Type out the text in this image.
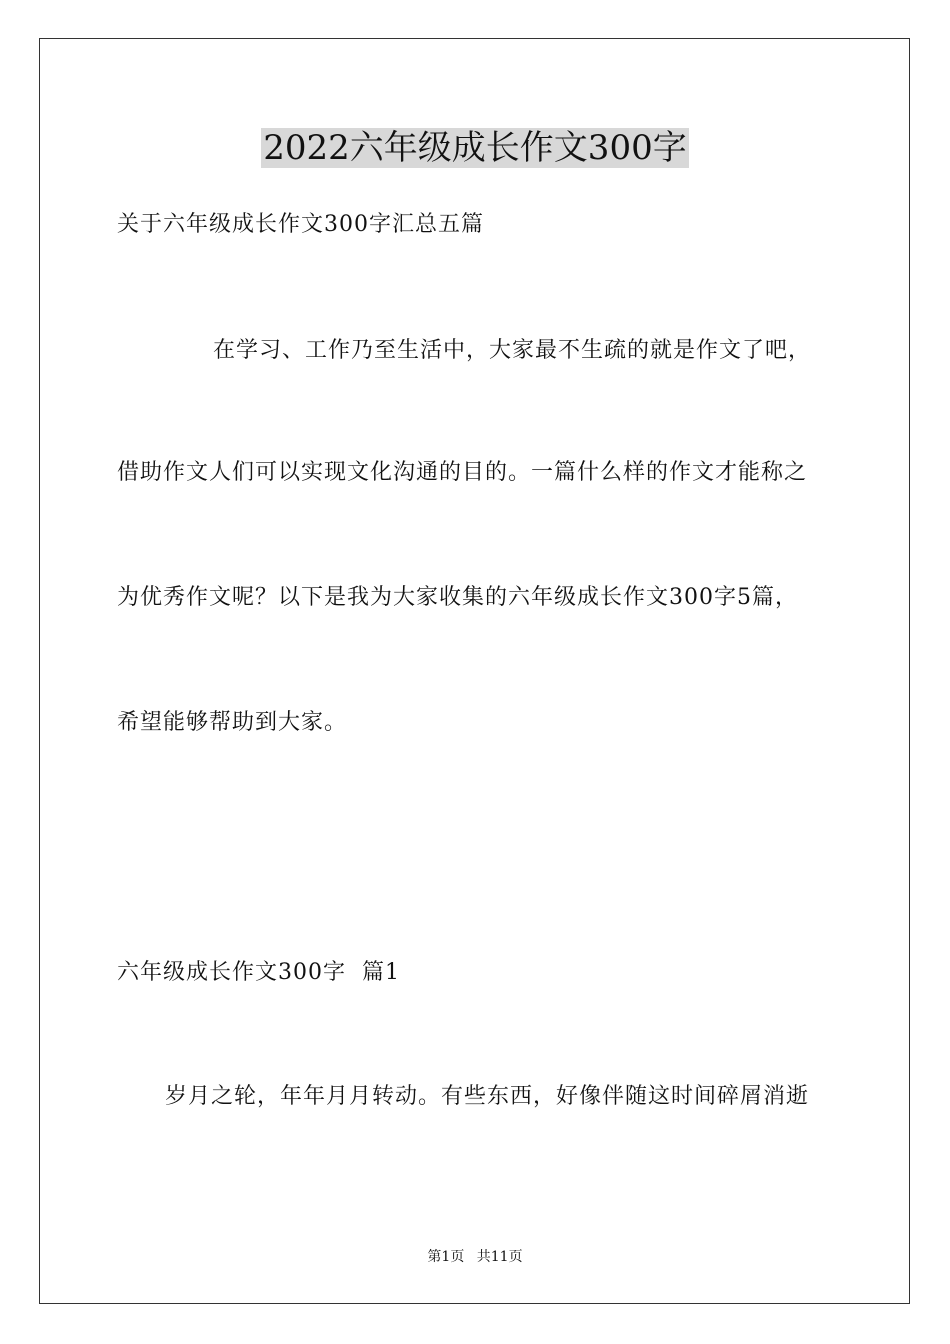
2022六年级成长作文300字

关于六年级成长作文300字汇总五篇

在学习、工作乃至生活中，大家最不生疏的就是作文了吧，

借助作文人们可以实现文化沟通的目的。一篇什么样的作文才能称之

为优秀作文呢？以下是我为大家收集的六年级成长作文300字5篇，

希望能够帮助到大家。

六年级成长作文300字  篇1

岁月之轮，年年月月转动。有些东西，好像伴随这时间碎屑消逝

第1页 共11页
